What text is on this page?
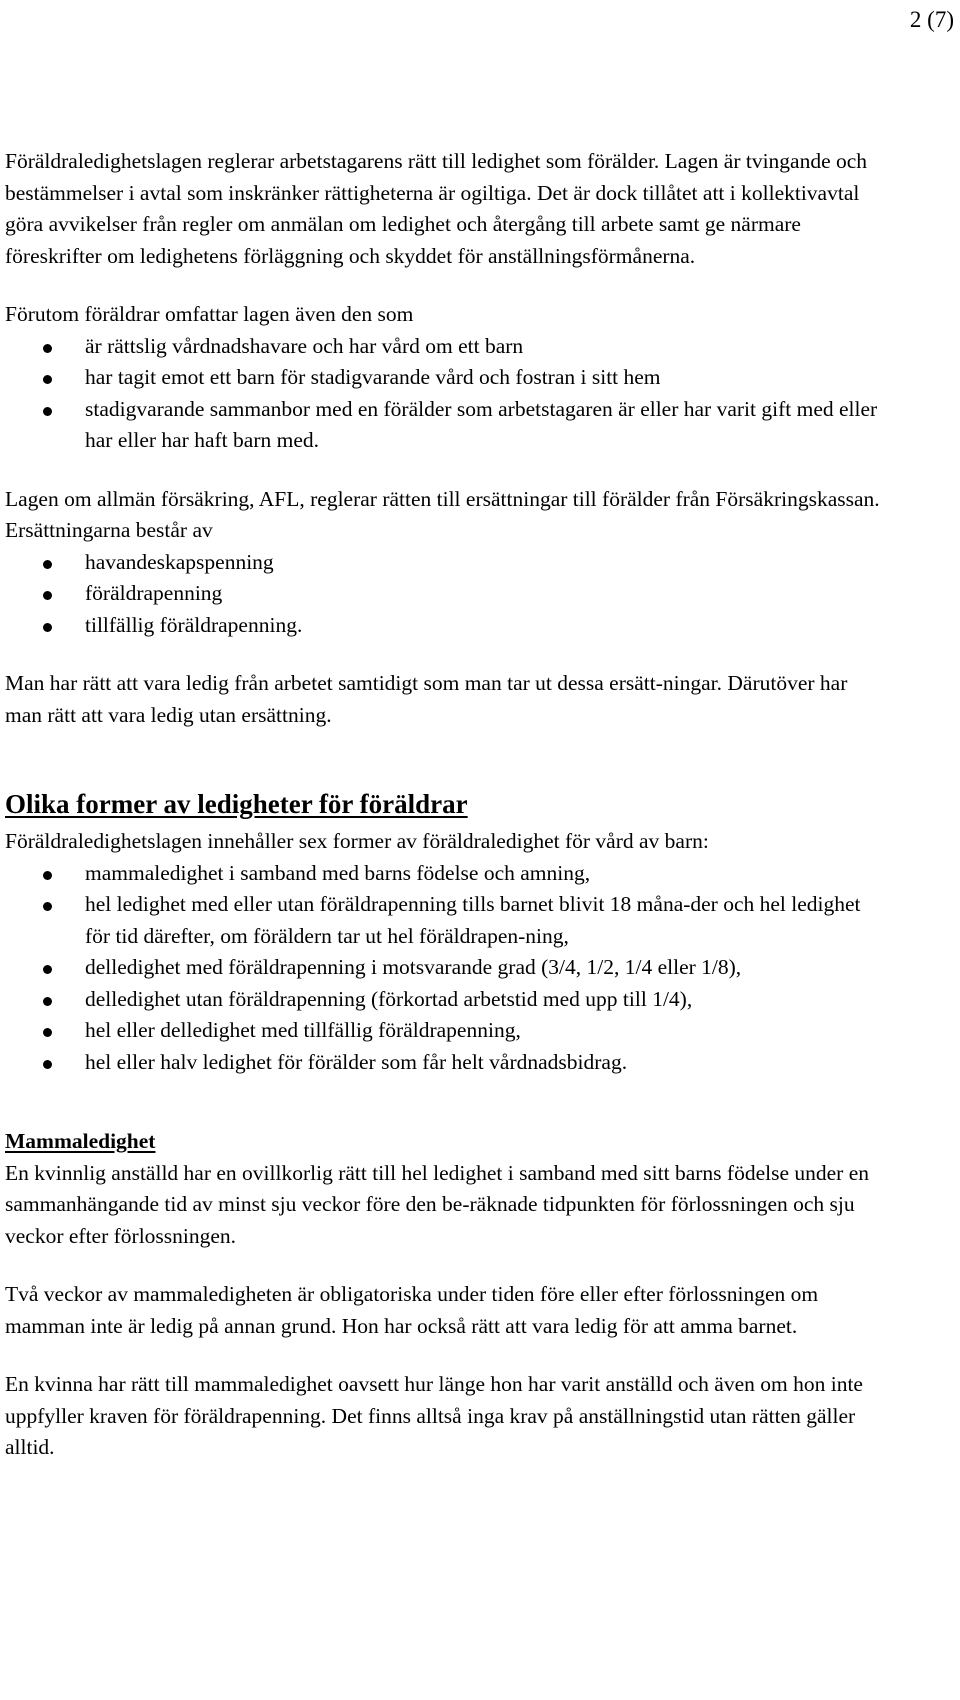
2 (7)

Föräldraledighetslagen reglerar arbetstagarens rätt till ledighet som förälder. Lagen är tvingande och bestämmelser i avtal som inskränker rättigheterna är ogiltiga. Det är dock tillåtet att i kollektivavtal göra avvikelser från regler om anmälan om ledighet och återgång till arbete samt ge närmare föreskrifter om ledighetens förläggning och skyddet för anställningsförmånerna.

Förutom föräldrar omfattar lagen även den som

är rättslig vårdnadshavare och har vård om ett barn
har tagit emot ett barn för stadigvarande vård och fostran i sitt hem
stadigvarande sammanbor med en förälder som arbetstagaren är eller har varit gift med eller har eller har haft barn med.

Lagen om allmän försäkring, AFL, reglerar rätten till ersättningar till förälder från Försäkringskassan. Ersättningarna består av

havandeskapspenning
föräldrapenning
tillfällig föräldrapenning.

Man har rätt att vara ledig från arbetet samtidigt som man tar ut dessa ersätt-ningar. Därutöver har man rätt att vara ledig utan ersättning.

Olika former av ledigheter för föräldrar

Föräldraledighetslagen innehåller sex former av föräldraledighet för vård av barn:

mammaledighet i samband med barns födelse och amning,
hel ledighet med eller utan föräldrapenning tills barnet blivit 18 måna-der och hel ledighet för tid därefter, om föräldern tar ut hel föräldrapen-ning,
delledighet med föräldrapenning i motsvarande grad (3/4, 1/2, 1/4 eller 1/8),
delledighet utan föräldrapenning (förkortad arbetstid med upp till 1/4),
hel eller delledighet med tillfällig föräldrapenning,
hel eller halv ledighet för förälder som får helt vårdnadsbidrag.
Mammaledighet

En kvinnlig anställd har en ovillkorlig rätt till hel ledighet i samband med sitt barns födelse under en sammanhängande tid av minst sju veckor före den be-räknade tidpunkten för förlossningen och sju veckor efter förlossningen.

Två veckor av mammaledigheten är obligatoriska under tiden före eller efter förlossningen om mamman inte är ledig på annan grund. Hon har också rätt att vara ledig för att amma barnet.

En kvinna har rätt till mammaledighet oavsett hur länge hon har varit anställd och även om hon inte uppfyller kraven för föräldrapenning. Det finns alltså inga krav på anställningstid utan rätten gäller alltid.
